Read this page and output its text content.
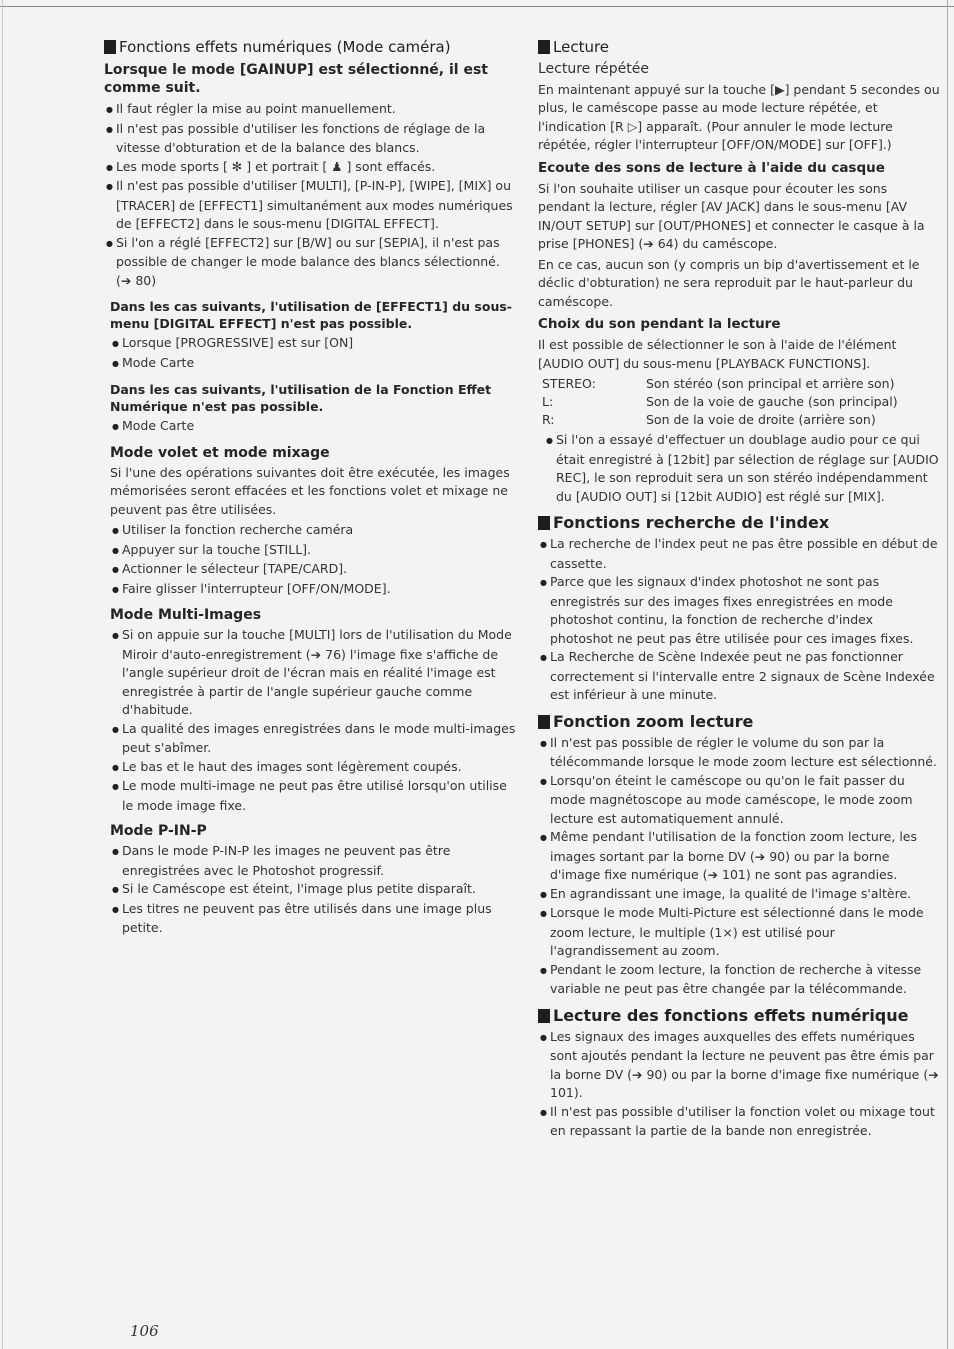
Fonctions effets numériques (Mode caméra)
Lorsque le mode [GAINUP] est sélectionné, il est comme suit.
● Il faut régler la mise au point manuellement.
● Il n'est pas possible d'utiliser les fonctions de réglage de la vitesse d'obturation et de la balance des blancs.
● Les mode sports [ ✻ ] et portrait [ ♟ ] sont effacés.
● Il n'est pas possible d'utiliser [MULTI], [P-IN-P], [WIPE], [MIX] ou [TRACER] de [EFFECT1] simultanément aux modes numériques de [EFFECT2] dans le sous-menu [DIGITAL EFFECT].
● Si l'on a réglé [EFFECT2] sur [B/W] ou sur [SEPIA], il n'est pas possible de changer le mode balance des blancs sélectionné. (➔ 80)
Dans les cas suivants, l'utilisation de [EFFECT1] du sous-menu [DIGITAL EFFECT] n'est pas possible.
● Lorsque [PROGRESSIVE] est sur [ON]
● Mode Carte
Dans les cas suivants, l'utilisation de la Fonction Effet Numérique n'est pas possible.
● Mode Carte
Mode volet et mode mixage
Si l'une des opérations suivantes doit être exécutée, les images mémorisées seront effacées et les fonctions volet et mixage ne peuvent pas être utilisées.
● Utiliser la fonction recherche caméra
● Appuyer sur la touche [STILL].
● Actionner le sélecteur [TAPE/CARD].
● Faire glisser l'interrupteur [OFF/ON/MODE].
Mode Multi-Images
● Si on appuie sur la touche [MULTI] lors de l'utilisation du Mode Miroir d'auto-enregistrement (➔ 76) l'image fixe s'affiche de l'angle supérieur droit de l'écran mais en réalité l'image est enregistrée à partir de l'angle supérieur gauche comme d'habitude.
● La qualité des images enregistrées dans le mode multi-images peut s'abîmer.
● Le bas et le haut des images sont légèrement coupés.
● Le mode multi-image ne peut pas être utilisé lorsqu'on utilise le mode image fixe.
Mode P-IN-P
● Dans le mode P-IN-P les images ne peuvent pas être enregistrées avec le Photoshot progressif.
● Si le Caméscope est éteint, l'image plus petite disparaît.
● Les titres ne peuvent pas être utilisés dans une image plus petite.
Lecture
Lecture répétée
En maintenant appuyé sur la touche [▶] pendant 5 secondes ou plus, le caméscope passe au mode lecture répétée, et l'indication [R ▷] apparaît. (Pour annuler le mode lecture répétée, régler l'interrupteur [OFF/ON/MODE] sur [OFF].)
Ecoute des sons de lecture à l'aide du casque
Si l'on souhaite utiliser un casque pour écouter les sons pendant la lecture, régler [AV JACK] dans le sous-menu [AV IN/OUT SETUP] sur [OUT/PHONES] et connecter le casque à la prise [PHONES] (➔ 64) du caméscope.
En ce cas, aucun son (y compris un bip d'avertissement et le déclic d'obturation) ne sera reproduit par le haut-parleur du caméscope.
Choix du son pendant la lecture
Il est possible de sélectionner le son à l'aide de l'élément [AUDIO OUT] du sous-menu [PLAYBACK FUNCTIONS].
STEREO:	Son stéréo (son principal et arrière son)
L:	Son de la voie de gauche (son principal)
R:	Son de la voie de droite (arrière son)
● Si l'on a essayé d'effectuer un doublage audio pour ce qui était enregistré à [12bit] par sélection de réglage sur [AUDIO REC], le son reproduit sera un son stéréo indépendamment du [AUDIO OUT] si [12bit AUDIO] est réglé sur [MIX].
Fonctions recherche de l'index
● La recherche de l'index peut ne pas être possible en début de cassette.
● Parce que les signaux d'index photoshot ne sont pas enregistrés sur des images fixes enregistrées en mode photoshot continu, la fonction de recherche d'index photoshot ne peut pas être utilisée pour ces images fixes.
● La Recherche de Scène Indexée peut ne pas fonctionner correctement si l'intervalle entre 2 signaux de Scène Indexée est inférieur à une minute.
Fonction zoom lecture
● Il n'est pas possible de régler le volume du son par la télécommande lorsque le mode zoom lecture est sélectionné.
● Lorsqu'on éteint le caméscope ou qu'on le fait passer du mode magnétoscope au mode caméscope, le mode zoom lecture est automatiquement annulé.
● Même pendant l'utilisation de la fonction zoom lecture, les images sortant par la borne DV (➔ 90) ou par la borne d'image fixe numérique (➔ 101) ne sont pas agrandies.
● En agrandissant une image, la qualité de l'image s'altère.
● Lorsque le mode Multi-Picture est sélectionné dans le mode zoom lecture, le multiple (1×) est utilisé pour l'agrandissement au zoom.
● Pendant le zoom lecture, la fonction de recherche à vitesse variable ne peut pas être changée par la télécommande.
Lecture des fonctions effets numérique
● Les signaux des images auxquelles des effets numériques sont ajoutés pendant la lecture ne peuvent pas être émis par la borne DV (➔ 90) ou par la borne d'image fixe numérique (➔ 101).
● Il n'est pas possible d'utiliser la fonction volet ou mixage tout en repassant la partie de la bande non enregistrée.
106
